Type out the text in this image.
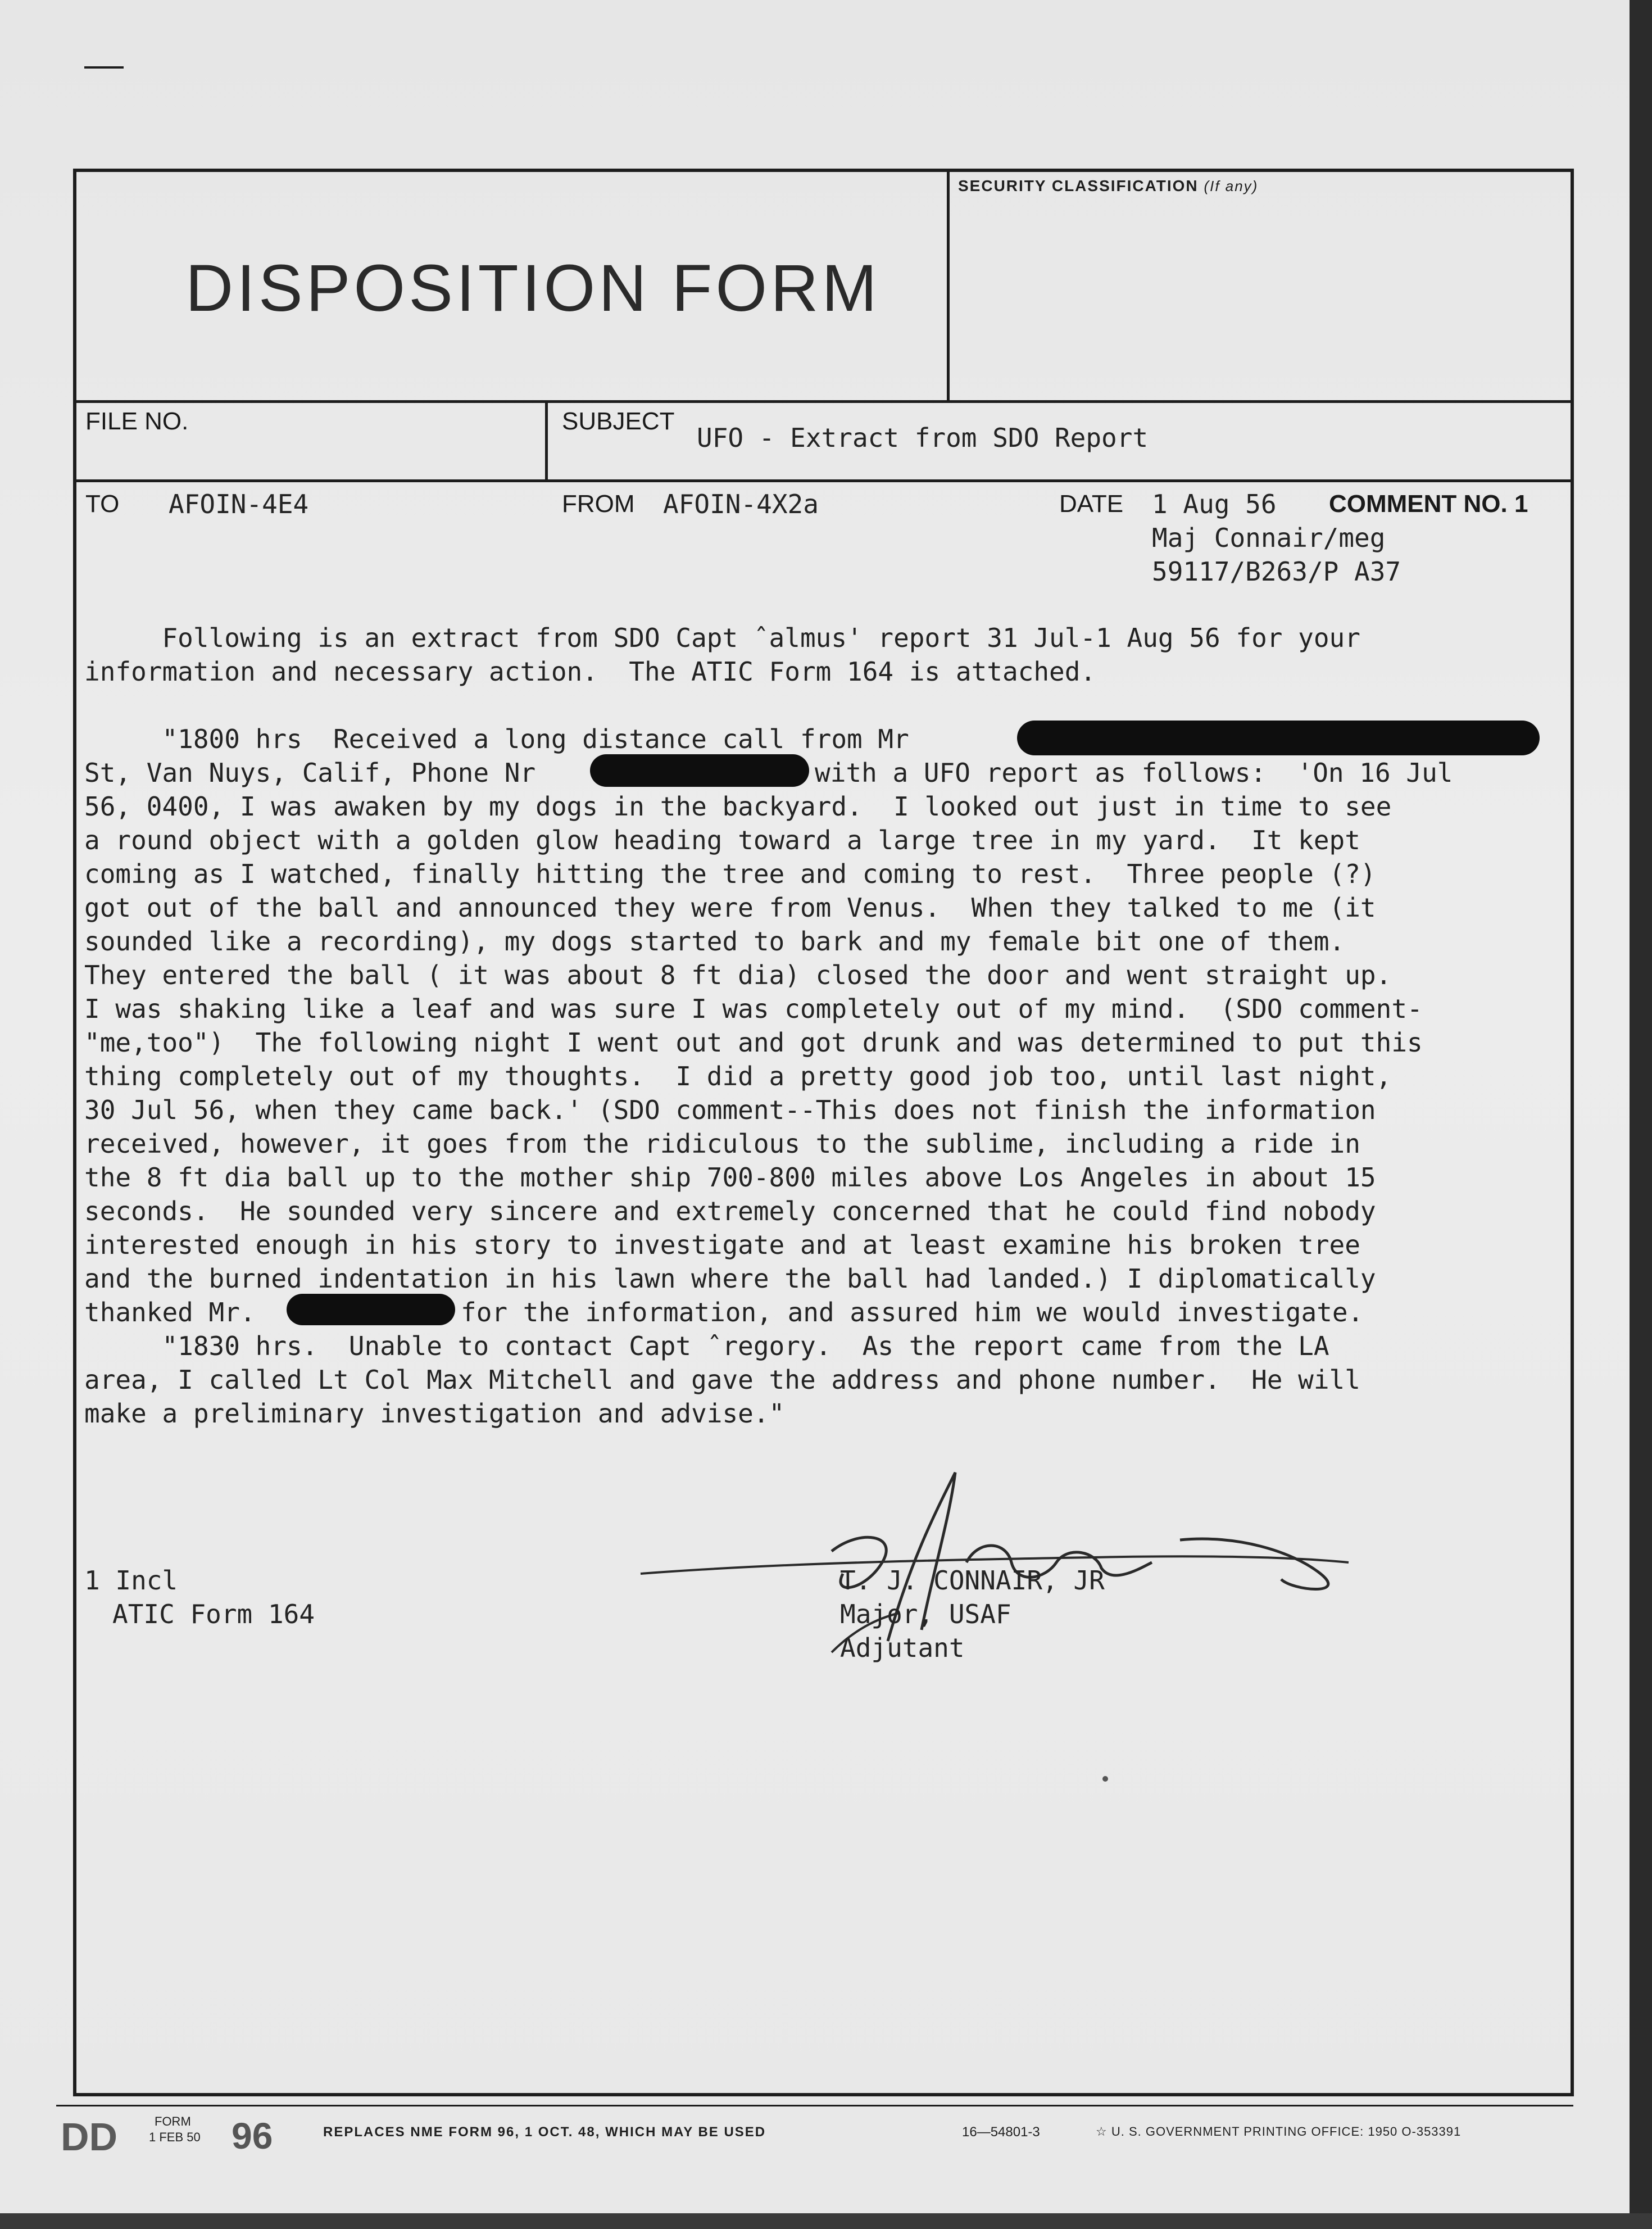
DISPOSITION FORM
SECURITY CLASSIFICATION (If any)
FILE NO.	SUBJECT
UFO - Extract from SDO Report
TO AFOIN-4E4	FROM AFOIN-4X2a	DATE 1 Aug 56 COMMENT NO. 1
Maj Connair/meg
59117/B263/P A37
Following is an extract from SDO Capt ˆalmus' report 31 Jul-1 Aug 56 for your
information and necessary action.  The ATIC Form 164 is attached.
"1800 hrs  Received a long distance call from Mr
St, Van Nuys, Calif, Phone Nr	with a UFO report as follows:  'On 16 Jul
56, 0400, I was awaken by my dogs in the backyard.  I looked out just in time to see
a round object with a golden glow heading toward a large tree in my yard.  It kept
coming as I watched, finally hitting the tree and coming to rest.  Three people (?)
got out of the ball and announced they were from Venus.  When they talked to me (it
sounded like a recording), my dogs started to bark and my female bit one of them.
They entered the ball ( it was about 8 ft dia) closed the door and went straight up.
I was shaking like a leaf and was sure I was completely out of my mind.  (SDO comment-
"me,too")  The following night I went out and got drunk and was determined to put this
thing completely out of my thoughts.  I did a pretty good job too, until last night,
30 Jul 56, when they came back.' (SDO comment--This does not finish the information
received, however, it goes from the ridiculous to the sublime, including a ride in
the 8 ft dia ball up to the mother ship 700-800 miles above Los Angeles in about 15
seconds.  He sounded very sincere and extremely concerned that he could find nobody
interested enough in his story to investigate and at least examine his broken tree
and the burned indentation in his lawn where the ball had landed.) I diplomatically
thanked Mr.	for the information, and assured him we would investigate.
"1830 hrs.  Unable to contact Capt ˆregory.  As the report came from the LA
area, I called Lt Col Max Mitchell and gave the address and phone number.  He will
make a preliminary investigation and advise."
1 Incl
ATIC Form 164
T. J. CONNAIR, JR
Major, USAF
Adjutant
DD	FORM
1 FEB 50 96	REPLACES NME FORM 96, 1 OCT. 48, WHICH MAY BE USED	16—54801-3	☆ U. S. GOVERNMENT PRINTING OFFICE: 1950 O-353391
